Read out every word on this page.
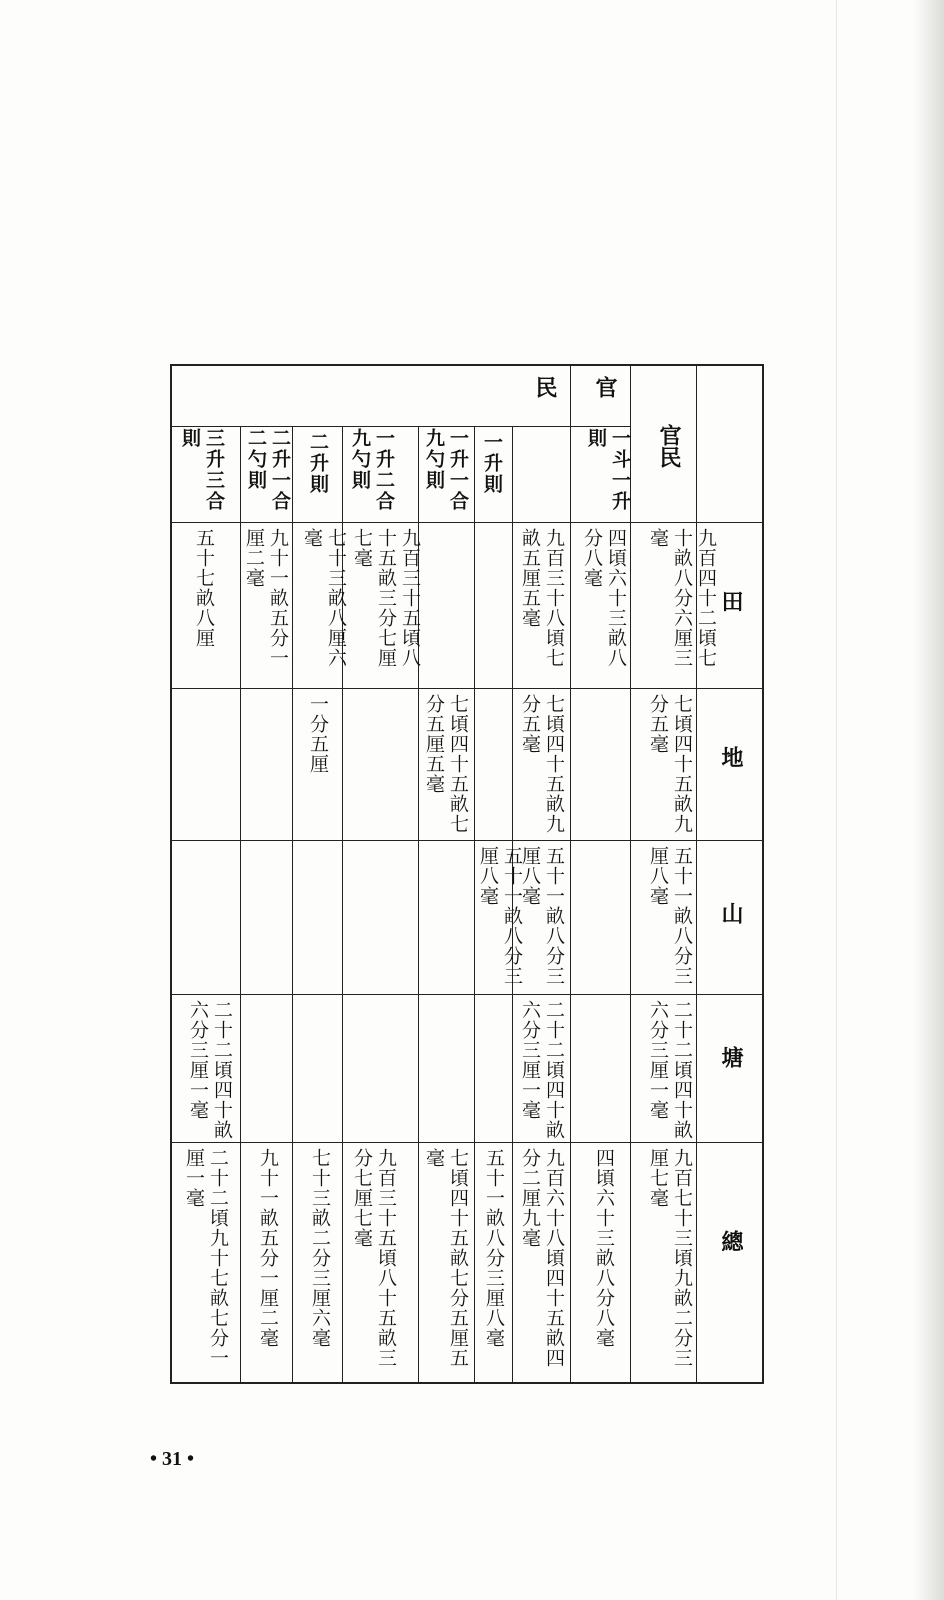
官民
官
民
田
地
山
塘
總
一斗一升則
一升則
一升一合九勺則
一升二合九勺則
二升則
二升一合二勺則
三升三合則
九百四十二頃七十畝八分六厘三毫
四頃六十三畝八分八毫
九百三十八頃七畝五厘五毫
九百三十五頃八十五畝三分七厘七毫
七十三畝八厘六毫
九十一畝五分一厘二毫
五十七畝八厘
七頃四十五畝九分五毫
七頃四十五畝九分五毫
七頃四十五畝七分五厘五毫
一分五厘
五十一畝八分三厘八毫
五十一畝八分三厘八毫
五十一畝八分三厘八毫
二十二頃四十畝六分三厘一毫
二十二頃四十畝六分三厘一毫
二十二頃四十畝六分三厘一毫
九百七十三頃九畝二分三厘七毫
四頃六十三畝八分八毫
九百六十八頃四十五畝四分二厘九毫
五十一畝八分三厘八毫
七頃四十五畝七分五厘五毫
九百三十五頃八十五畝三分七厘七毫
七十三畝二分三厘六毫
九十一畝五分一厘二毫
二十二頃九十七畝七分一厘一毫
• 31 •
